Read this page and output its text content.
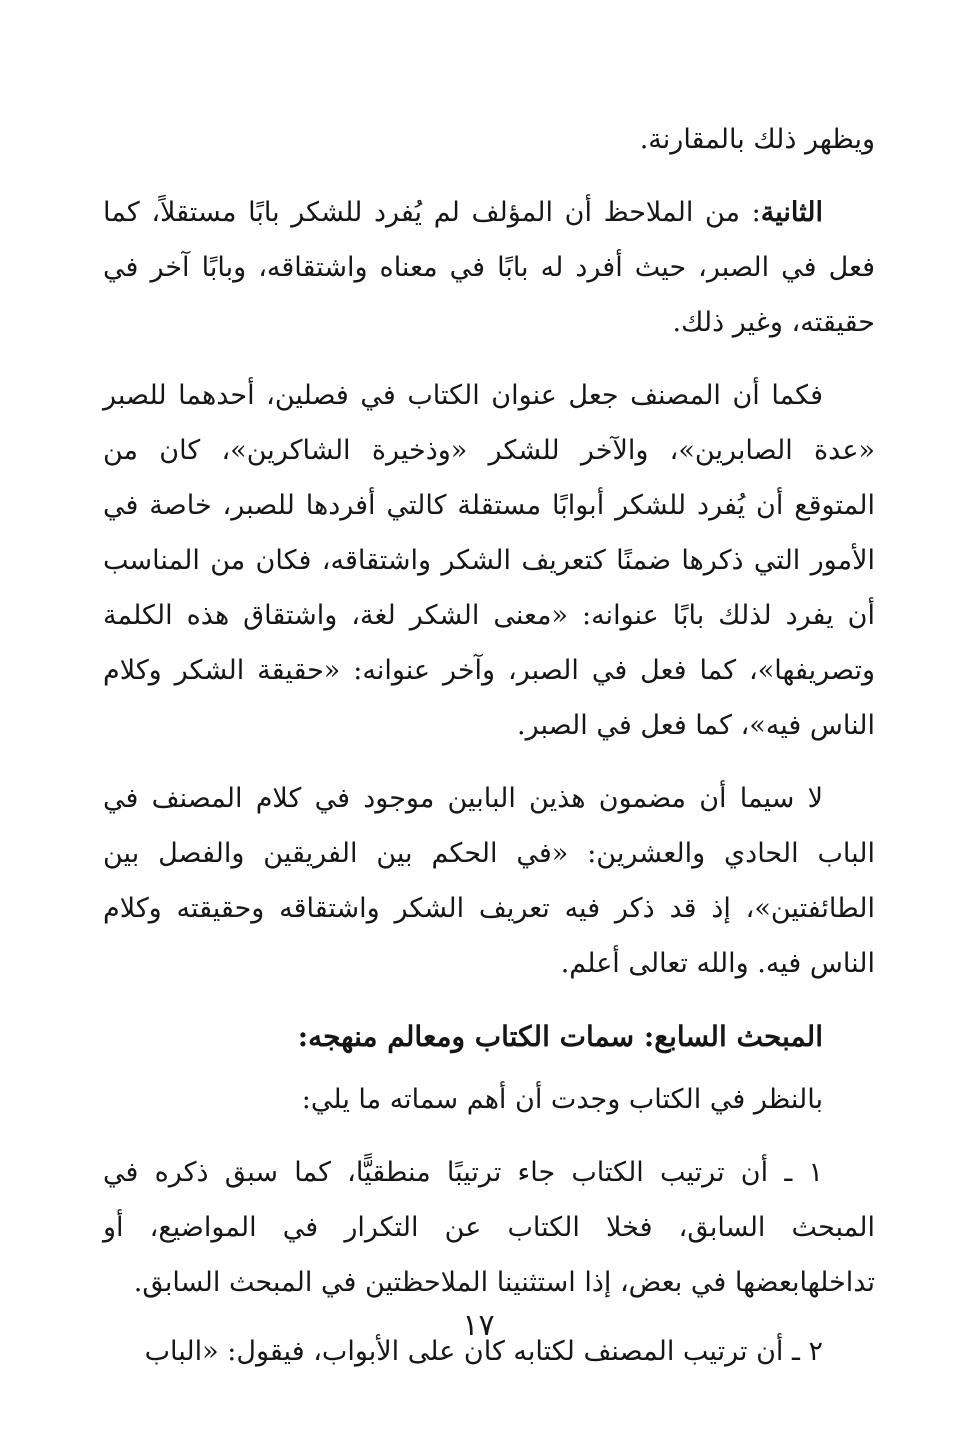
ويظهر ذلك بالمقارنة.

الثانية: من الملاحظ أن المؤلف لم يُفرد للشكر بابًا مستقلاً، كما فعل في الصبر، حيث أفرد له بابًا في معناه واشتقاقه، وبابًا آخر في حقيقته، وغير ذلك.

فكما أن المصنف جعل عنوان الكتاب في فصلين، أحدهما للصبر «عدة الصابرين»، والآخر للشكر «وذخيرة الشاكرين»، كان من المتوقع أن يُفرد للشكر أبوابًا مستقلة كالتي أفردها للصبر، خاصة في الأمور التي ذكرها ضمنًا كتعريف الشكر واشتقاقه، فكان من المناسب أن يفرد لذلك بابًا عنوانه: «معنى الشكر لغة، واشتقاق هذه الكلمة وتصريفها»، كما فعل في الصبر، وآخر عنوانه: «حقيقة الشكر وكلام الناس فيه»، كما فعل في الصبر.

لا سيما أن مضمون هذين البابين موجود في كلام المصنف في الباب الحادي والعشرين: «في الحكم بين الفريقين والفصل بين الطائفتين»، إذ قد ذكر فيه تعريف الشكر واشتقاقه وحقيقته وكلام الناس فيه. والله تعالى أعلم.

المبحث السابع: سمات الكتاب ومعالم منهجه:

بالنظر في الكتاب وجدت أن أهم سماته ما يلي:

١ ـ أن ترتيب الكتاب جاء ترتيبًا منطقيًّا، كما سبق ذكره في المبحث السابق، فخلا الكتاب عن التكرار في المواضيع، أو تداخلهابعضها في بعض، إذا استثنينا الملاحظتين في المبحث السابق.

٢ ـ أن ترتيب المصنف لكتابه كان على الأبواب، فيقول: «الباب

١٧
